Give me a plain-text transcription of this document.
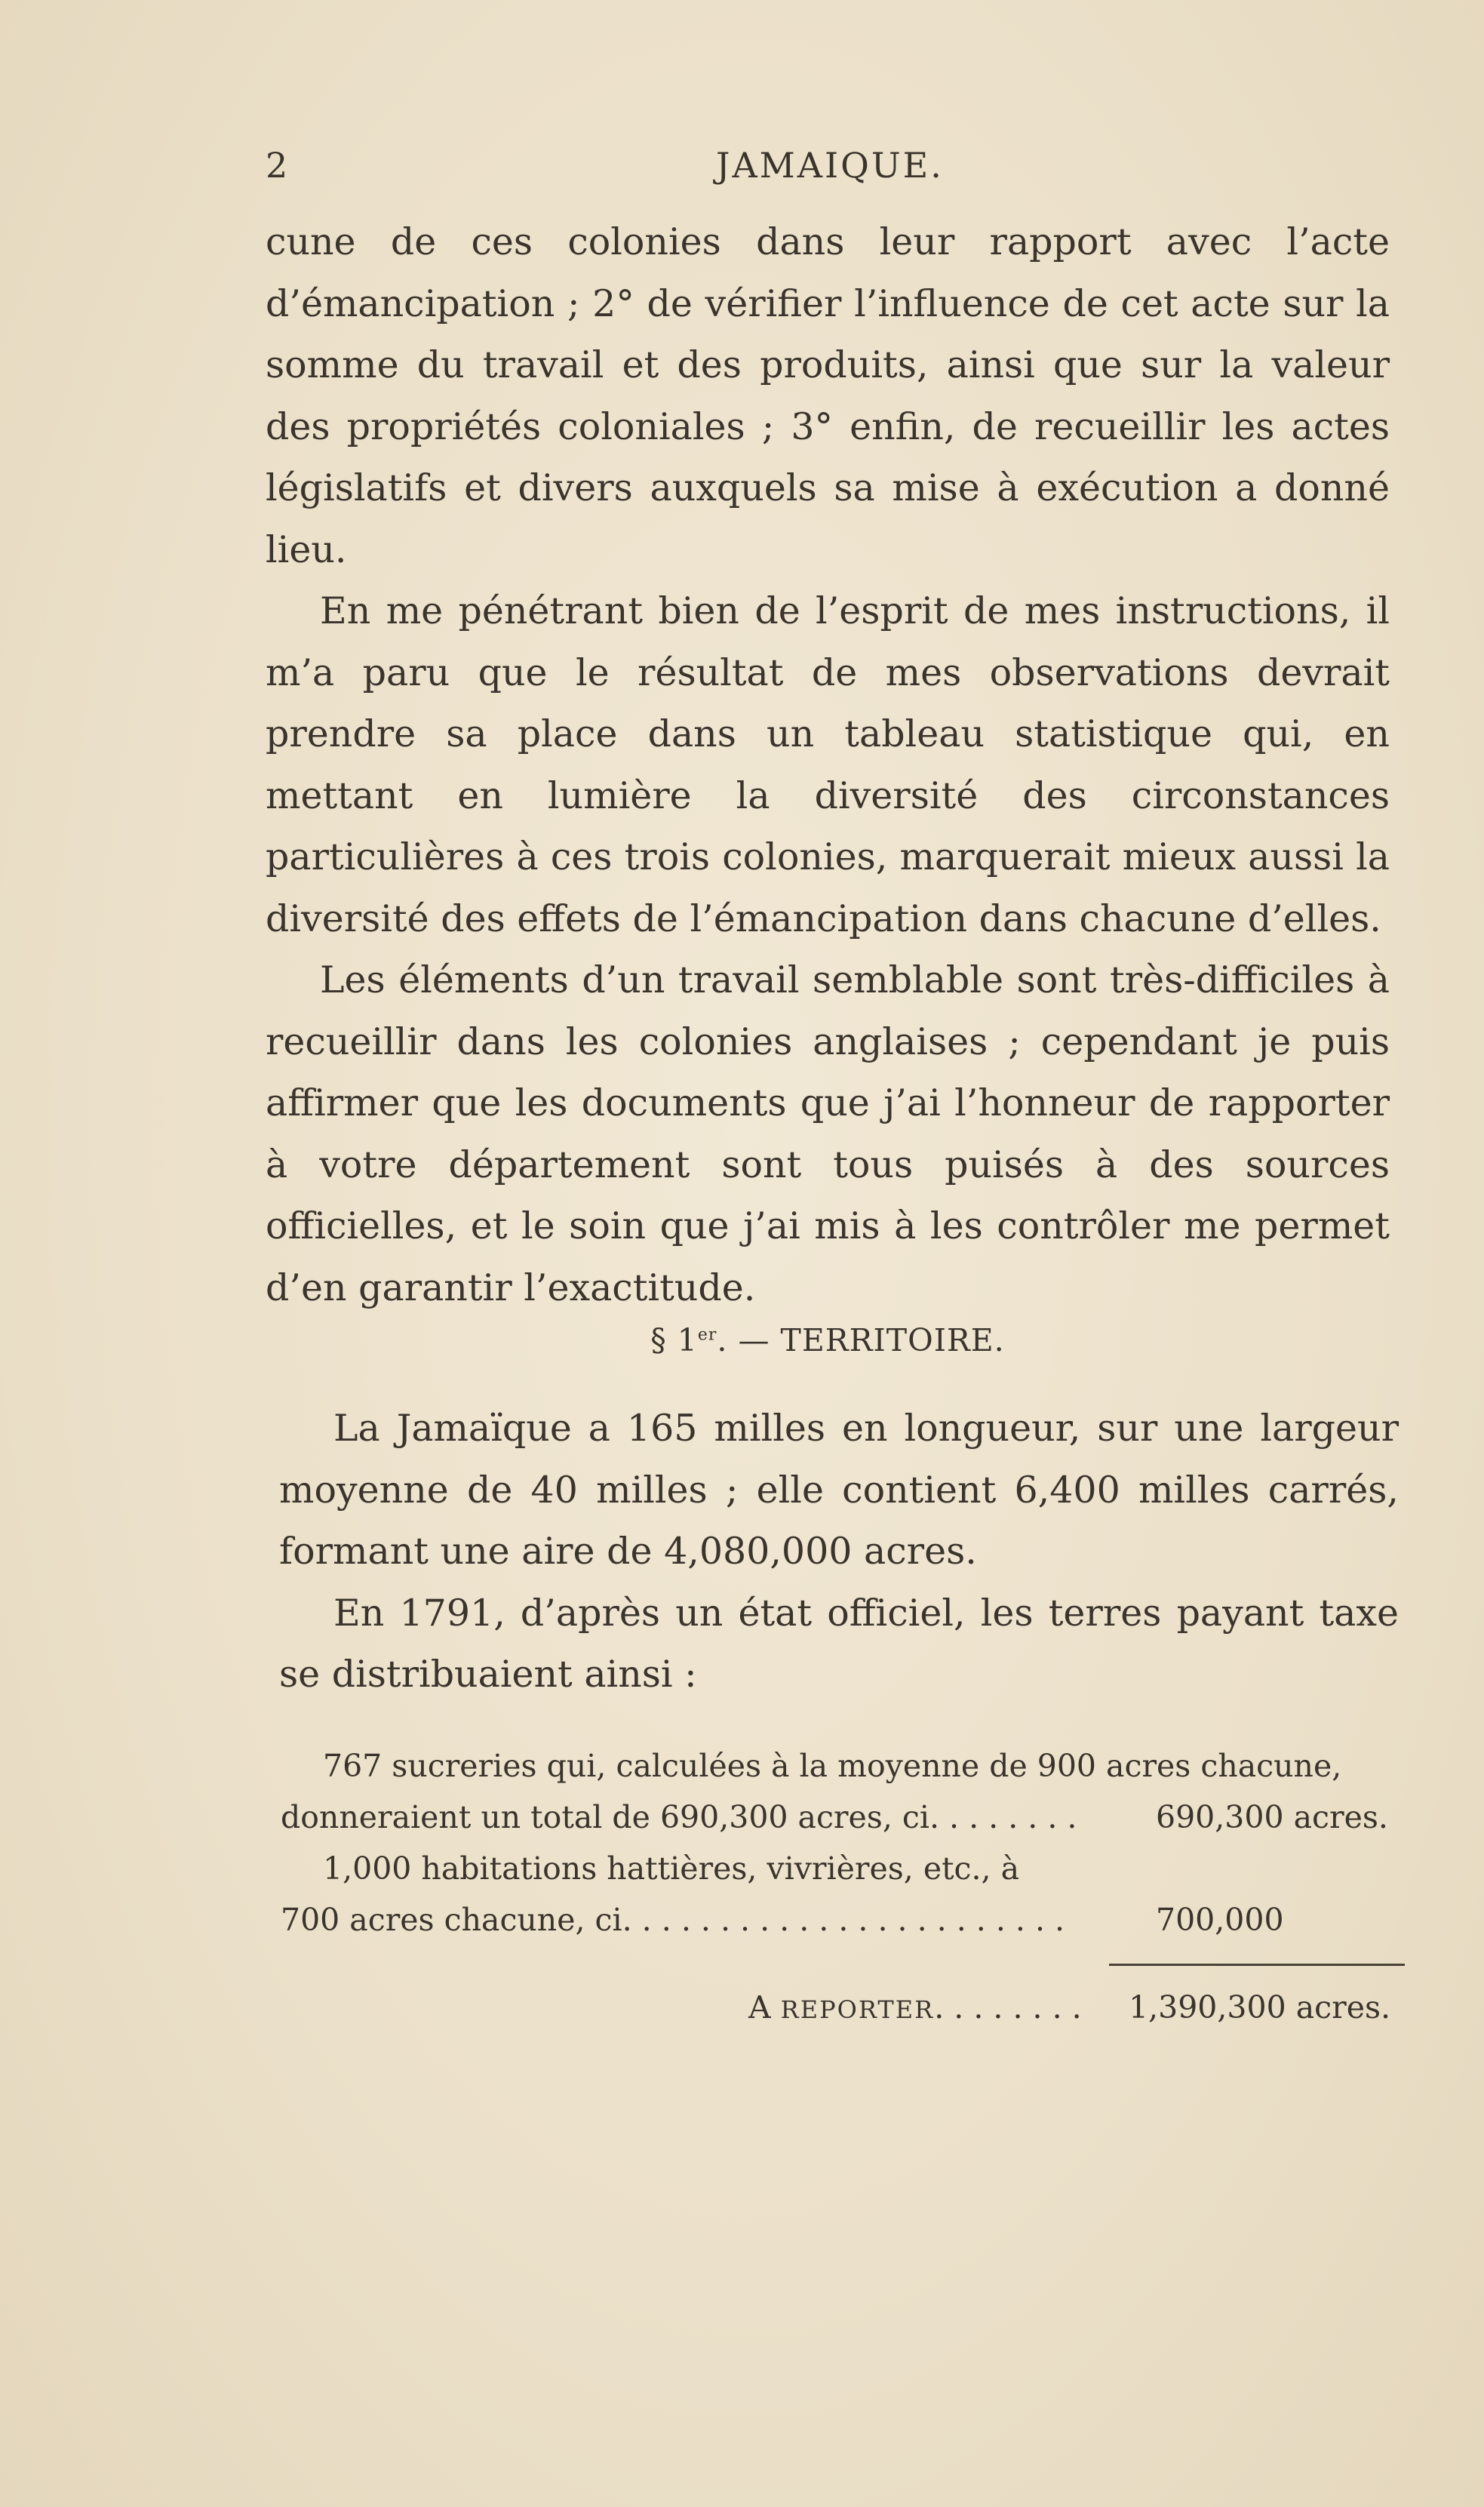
2	JAMAIQUE.

cune de ces colonies dans leur rapport avec l’acte d’émancipation ; 2° de vérifier l’influence de cet acte sur la somme du travail et des produits, ainsi que sur la valeur des propriétés coloniales ; 3° enfin, de recueillir les actes législatifs et divers auxquels sa mise à exécution a donné lieu.

En me pénétrant bien de l’esprit de mes instructions, il m’a paru que le résultat de mes observations devrait prendre sa place dans un tableau statistique qui, en mettant en lumière la diversité des circonstances particulières à ces trois colonies, marquerait mieux aussi la diversité des effets de l’émancipation dans chacune d’elles.

Les éléments d’un travail semblable sont très-difficiles à recueillir dans les colonies anglaises ; cependant je puis affirmer que les documents que j’ai l’honneur de rapporter à votre département sont tous puisés à des sources officielles, et le soin que j’ai mis à les contrôler me permet d’en garantir l’exactitude.

§ 1er. — TERRITOIRE.

La Jamaïque a 165 milles en longueur, sur une largeur moyenne de 40 milles ; elle contient 6,400 milles carrés, formant une aire de 4,080,000 acres.

En 1791, d’après un état officiel, les terres payant taxe se distribuaient ainsi :

767 sucreries qui, calculées à la moyenne de 900 acres chacune,
donneraient un total de 690,300 acres, ci. . . . . . . .	690,300 acres.
1,000 habitations hattières, vivrières, etc., à
700 acres chacune, ci. . . . . . . . . . . . . . . . . . . . . . .	700,000
A REPORTER. . . . . . . . 1,390,300 acres.
